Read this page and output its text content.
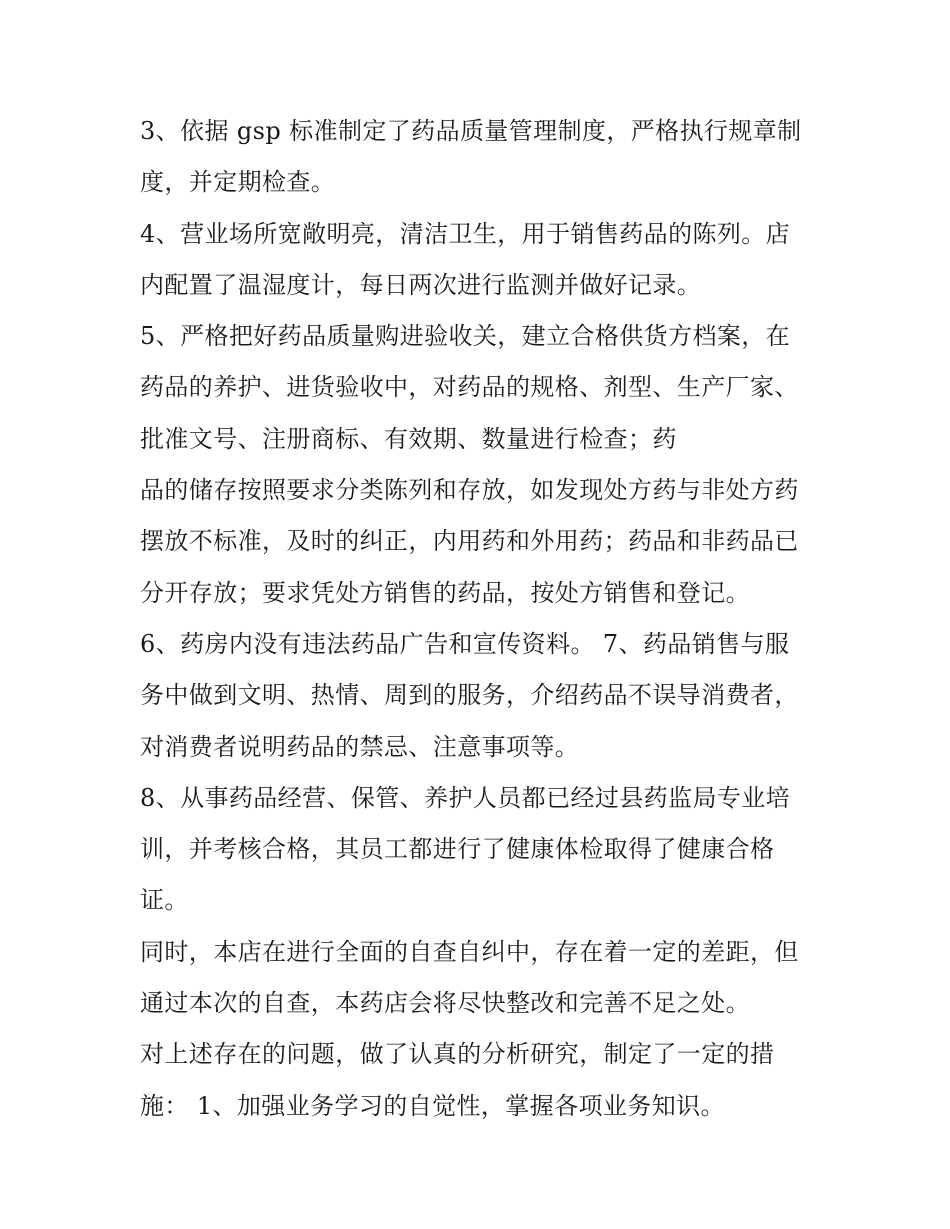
3、依据 gsp 标准制定了药品质量管理制度，严格执行规章制
度，并定期检查。
4、营业场所宽敞明亮，清洁卫生，用于销售药品的陈列。店
内配置了温湿度计，每日两次进行监测并做好记录。
5、严格把好药品质量购进验收关，建立合格供货方档案，在
药品的养护、进货验收中，对药品的规格、剂型、生产厂家、
批准文号、注册商标、有效期、数量进行检查；药
品的储存按照要求分类陈列和存放，如发现处方药与非处方药
摆放不标准，及时的纠正，内用药和外用药；药品和非药品已
分开存放；要求凭处方销售的药品，按处方销售和登记。
6、药房内没有违法药品广告和宣传资料。 7、药品销售与服
务中做到文明、热情、周到的服务，介绍药品不误导消费者，
对消费者说明药品的禁忌、注意事项等。
8、从事药品经营、保管、养护人员都已经过县药监局专业培
训，并考核合格，其员工都进行了健康体检取得了健康合格
证。
同时，本店在进行全面的自查自纠中，存在着一定的差距，但
通过本次的自查，本药店会将尽快整改和完善不足之处。
对上述存在的问题，做了认真的分析研究，制定了一定的措
施： 1、加强业务学习的自觉性，掌握各项业务知识。
